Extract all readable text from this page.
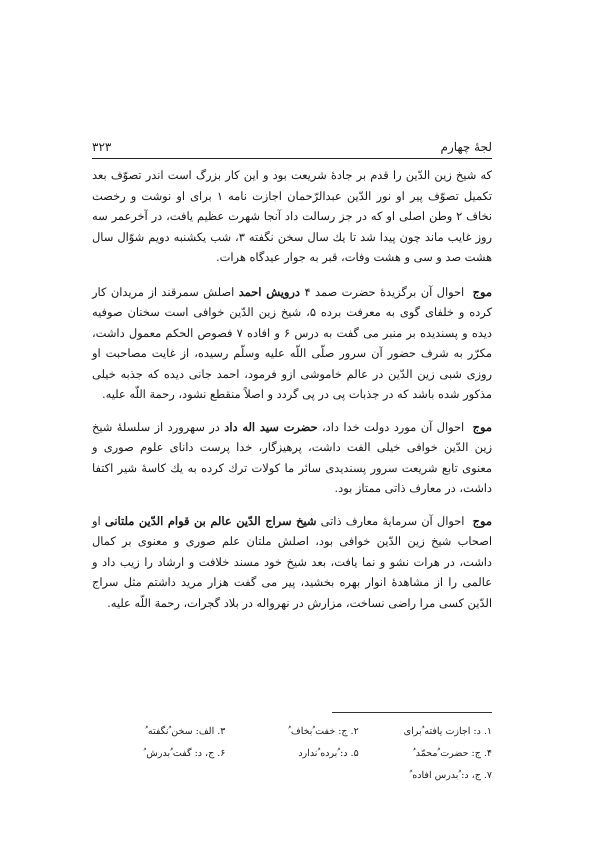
لجهٔ چهارم
۳۲۳

که شیخ زین الدّین را قدم بر جادهٔ شریعت بود و این کار بزرگ است اندر تصوّف بعد تکمیل تصوّف پیر او نور الدّین عبدالرّحمان اجازت نامه ۱ برای او نوشت و رخصت نخاف ۲ وطن اصلی او که در جز رسالت داد آنجا شهرت عظیم یافت، در آخرعمر سه روز غایب ماند چون پیدا شد تا یك سال سخن نگفته ۳، شب یکشنبه دویم شوّال سال هشت صد و سی و هشت وفات، قبر به جوار عیدگاه هرات.

موج احوال آن برگزیدهٔ حضرت صمد ۴ درویش احمد اصلش سمرقند از مریدان کار کرده و خلفای گوی به معرفت برده ۵، شیخ زین الدّین خوافی است سخنان صوفیه دیده و پسندیده بر منبر می گفت به درس ۶ و افاده ۷ فصوص الحکم معمول داشت، مکرّر به شرف حضور آن سرور صلّی اللّه علیه وسلّم رسیده، از غایت مصاحبت او روزی شبی زین الدّین در عالم خاموشی ازو فرمود، احمد جانی دیده که جذبه خیلی مذکور شده باشد که در جذبات پی در پی گردد و اصلاً منقطع نشود، رحمة اللّه علیه.

موج احوال آن مورد دولت خدا داد، حضرت سید اله داد در سهرورد از سلسلهٔ شیخ زین الدّین خوافی خیلی الفت داشت، پرهیزگار، خدا پرست دانای علوم صوری و معنوی تابع شریعت سرور پسندیدی سائر ما کولات ترك کرده به یك کاسهٔ شیر اکتفا داشت، در معارف ذاتی ممتاز بود.

موج احوال آن سرمایهٔ معارف ذاتی شیخ سراج الدّین عالم بن قوام الدّین ملتانی او اصحاب شیخ زین الدّین خوافی بود، اصلش ملتان علم صوری و معنوی بر کمال داشت، در هرات نشو و نما یافت، بعد شیخ خود مسند خلافت و ارشاد را زیب داد و عالمی را از مشاهدهٔ انوار بهره بخشید، پیر می گفت هزار مرید داشتم مثل سراج الدّین کسی مرا راضی نساخت، مزارش در نهرواله در بلاد گجرات، رحمة اللّه علیه.

۱. د: اجازت یافته ُبرای
۲. ج: خفت ُبخاف ُ
۳. الف: سخن ُنگفته ُ
۴. ج: حضرت ُمحمّد ُ
۵. د: ُبرده ُندارد
۶. ج، د: گفت ُبدرش ُ
۷. ج، د: ُبدرس افاده ُ
